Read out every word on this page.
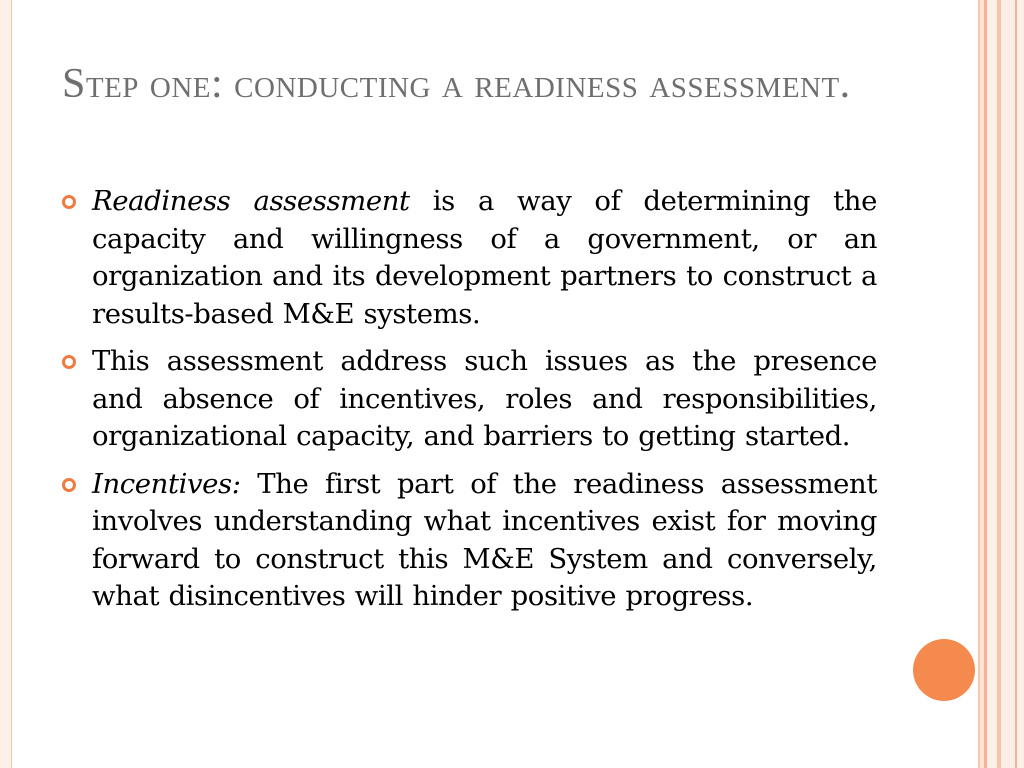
Step one: conducting a readiness assessment.
Readiness assessment is a way of determining the capacity and willingness of a government, or an organization and its development partners to construct a results-based M&E systems.
This assessment address such issues as the presence and absence of incentives, roles and responsibilities, organizational capacity, and barriers to getting started.
Incentives: The first part of the readiness assessment involves understanding what incentives exist for moving forward to construct this M&E System and conversely, what disincentives will hinder positive progress.
